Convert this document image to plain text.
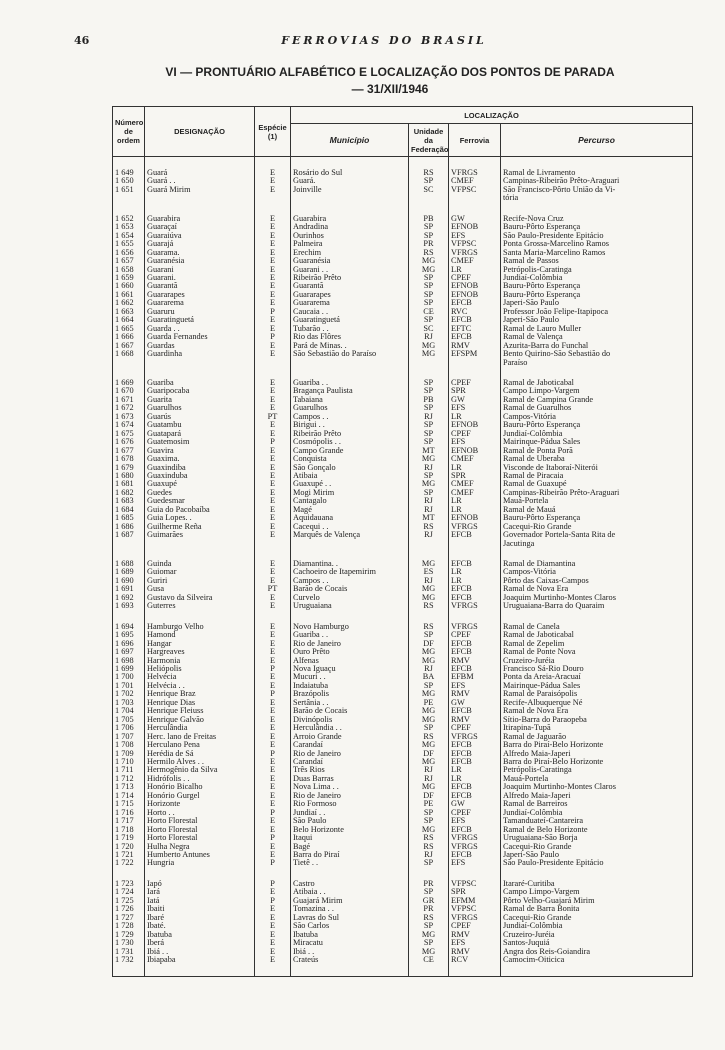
46	FERROVIAS DO BRASIL
VI — PRONTUÁRIO ALFABÉTICO E LOCALIZAÇÃO DOS PONTOS DE PARADA
— 31/XII/1946
Número de ordem	DESIGNAÇÃO	Espécie (1)	LOCALIZAÇÃO			
			Município	Unidade da Federação	Ferrovia	Percurso

1 649	Guará	E	Rosário do Sul	RS	VFRGS	Ramal de Livramento
1 650	Guará . .	E	Guará.	SP	CMEF	Campinas-Ribeirão Prêto-Araguari
1 651	Guará Mirim	E	Joinville	SC	VFPSC	São Francisco-Pôrto União da Vi-
						tória

1 652	Guarabira	E	Guarabira	PB	GW	Recife-Nova Cruz
1 653	Guaraçaí	E	Andradina	SP	EFNOB	Bauru-Pôrto Esperança
1 654	Guaraiúva	E	Ourinhos	SP	EFS	São Paulo-Presidente Epitácio
1 655	Guarajá	E	Palmeira	PR	VFPSC	Ponta Grossa-Marcelino Ramos
1 656	Guarama.	E	Erechim	RS	VFRGS	Santa Maria-Marcelino Ramos
1 657	Guaranésia	E	Guaranésia	MG	CMEF	Ramal de Passos
1 658	Guarani	E	Guarani . .	MG	LR	Petrópolis-Caratinga
1 659	Guarani.	E	Ribeirão Prêto	SP	CPEF	Jundiaí-Colômbia
1 660	Guarantã	E	Guarantã	SP	EFNOB	Bauru-Pôrto Esperança
1 661	Guararapes	E	Guararapes	SP	EFNOB	Bauru-Pôrto Esperança
1 662	Guararema	E	Guararema	SP	EFCB	Japeri-São Paulo
1 663	Guaruru	P	Caucaia . .	CE	RVC	Professor João Felipe-Itapipoca
1 664	Guaratinguetá	E	Guaratinguetá	SP	EFCB	Japeri-São Paulo
1 665	Guarda . .	E	Tubarão . .	SC	EFTC	Ramal de Lauro Muller
1 666	Guarda Fernandes	P	Rio das Flôres	RJ	EFCB	Ramal de Valença
1 667	Guardas	E	Pará de Minas. .	MG	RMV	Azurita-Barra do Funchal
1 668	Guardinha	E	São Sebastião do Paraíso	MG	EFSPM	Bento Quirino-São Sebastião do
						Paraíso

1 669	Guariba	E	Guariba . .	SP	CPEF	Ramal de Jaboticabal
1 670	Guaripocaba	E	Bragança Paulista	SP	SPR	Campo Limpo-Vargem
1 671	Guarita	E	Tabaiana	PB	GW	Ramal de Campina Grande
1 672	Guarulhos	E	Guarulhos	SP	EFS	Ramal de Guarulhos
1 673	Guarús	PT	Campos . .	RJ	LR	Campos-Vitória
1 674	Guatambu	E	Birigui . .	SP	EFNOB	Bauru-Pôrto Esperança
1 675	Guatapará	E	Ribeirão Prêto	SP	CPEF	Jundiaí-Colômbia
1 676	Guatemosim	P	Cosmópolis . .	SP	EFS	Mairinque-Pádua Sales
1 677	Guavira	E	Campo Grande	MT	EFNOB	Ramal de Ponta Porã
1 678	Guaxima.	E	Conquista	MG	CMEF	Ramal de Uberaba
1 679	Guaxindiba	E	São Gonçalo	RJ	LR	Visconde de Itaboraí-Niterói
1 680	Guaxinduba	E	Atibaia	SP	SPR	Ramal de Piracaia
1 681	Guaxupé	E	Guaxupé . .	MG	CMEF	Ramal de Guaxupé
1 682	Guedes	E	Mogi Mirim	SP	CMEF	Campinas-Ribeirão Prêto-Araguari
1 683	Guedesmar	E	Cantagalo	RJ	LR	Mauá-Portela
1 684	Guia do Pacobaíba	E	Magé	RJ	LR	Ramal de Mauá
1 685	Guia Lopes. .	E	Aquidauana	MT	EFNOB	Bauru-Pôrto Esperança
1 686	Guilherme Reña	E	Cacequi . .	RS	VFRGS	Cacequi-Rio Grande
1 687	Guimarães	E	Marquês de Valença	RJ	EFCB	Governador Portela-Santa Rita de
						Jacutinga

1 688	Guinda	E	Diamantina. .	MG	EFCB	Ramal de Diamantina
1 689	Guiomar	E	Cachoeiro de Itapemirim	ES	LR	Campos-Vitória
1 690	Guriri	E	Campos . .	RJ	LR	Pôrto das Caixas-Campos
1 691	Gusa	PT	Barão de Cocais	MG	EFCB	Ramal de Nova Era
1 692	Gustavo da Silveira	E	Curvelo	MG	EFCB	Joaquim Murtinho-Montes Claros
1 693	Guterres	E	Uruguaiana	RS	VFRGS	Uruguaiana-Barra do Quaraim

1 694	Hamburgo Velho	E	Novo Hamburgo	RS	VFRGS	Ramal de Canela
1 695	Hamond	E	Guariba . .	SP	CPEF	Ramal de Jaboticabal
1 696	Hangar	E	Rio de Janeiro	DF	EFCB	Ramal de Zepelim
1 697	Hargreaves	E	Ouro Prêto	MG	EFCB	Ramal de Ponte Nova
1 698	Harmonia	E	Alfenas	MG	RMV	Cruzeiro-Juréia
1 699	Heliópolis	P	Nova Iguaçu	RJ	EFCB	Francisco Sá-Rio Douro
1 700	Helvécia	E	Mucuri . .	BA	EFBM	Ponta da Areia-Aracuaí
1 701	Helvécia . .	E	Indaiatuba	SP	EFS	Mairinque-Pádua Sales
1 702	Henrique Braz	P	Brazópolis	MG	RMV	Ramal de Paraisópolis
1 703	Henrique Dias	E	Sertânia . .	PE	GW	Recife-Albuquerque Né
1 704	Henrique Fleiuss	E	Barão de Cocais	MG	EFCB	Ramal de Nova Era
1 705	Henrique Galvão	E	Divinópolis	MG	RMV	Sítio-Barra do Paraopeba
1 706	Herculândia	E	Herculândia . .	SP	CPEF	Itirapina-Tupã
1 707	Herc. lano de Freitas	E	Arroio Grande	RS	VFRGS	Ramal de Jaguarão
1 708	Herculano Pena	E	Carandaí	MG	EFCB	Barra do Piraí-Belo Horizonte
1 709	Herédia de Sá	P	Rio de Janeiro	DF	EFCB	Alfredo Maia-Japeri
1 710	Hermilo Alves . .	E	Carandaí	MG	EFCB	Barra do Piraí-Belo Horizonte
1 711	Hermogênio da Silva	E	Três Rios	RJ	LR	Petrópolis-Caratinga
1 712	Hidrófolis . .	E	Duas Barras	RJ	LR	Mauá-Portela
1 713	Honório Bicalho	E	Nova Lima . .	MG	EFCB	Joaquim Murtinho-Montes Claros
1 714	Honório Gurgel	E	Rio de Janeiro	DF	EFCB	Alfredo Maia-Japeri
1 715	Horizonte	E	Rio Formoso	PE	GW	Ramal de Barreiros
1 716	Horto . .	P	Jundiaí . .	SP	CPEF	Jundiaí-Colômbia
1 717	Horto Florestal	E	São Paulo	SP	EFS	Tamanduateí-Cantareira
1 718	Horto Florestal	E	Belo Horizonte	MG	EFCB	Ramal de Belo Horizonte
1 719	Horto Florestal	P	Itaqui	RS	VFRGS	Uruguaiana-São Borja
1 720	Hulha Negra	E	Bagé	RS	VFRGS	Cacequi-Rio Grande
1 721	Humberto Antunes	E	Barra do Piraí	RJ	EFCB	Japeri-São Paulo
1 722	Hungria	P	Tietê . .	SP	EFS	São Paulo-Presidente Epitácio

1 723	Iapó	P	Castro	PR	VFPSC	Itararé-Curitiba
1 724	Iará	E	Atibaia . .	SP	SPR	Campo Limpo-Vargem
1 725	Iatá	P	Guajará Mirim	GR	EFMM	Pôrto Velho-Guajará Mirim
1 726	Ibaiti	E	Tomazina . .	PR	VFPSC	Ramal de Barra Bonita
1 727	Ibaré	E	Lavras do Sul	RS	VFRGS	Cacequi-Rio Grande
1 728	Ibaté.	E	São Carlos	SP	CPEF	Jundiaí-Colômbia
1 729	Ibatuba	E	Ibatuba	MG	RMV	Cruzeiro-Juréia
1 730	Iberá	E	Miracatu	SP	EFS	Santos-Juquiá
1 731	Ibiá . .	E	Ibiá . .	MG	RMV	Angra dos Reis-Goiandira
1 732	Ibiapaba	E	Crateús	CE	RCV	Camocim-Oiticica
